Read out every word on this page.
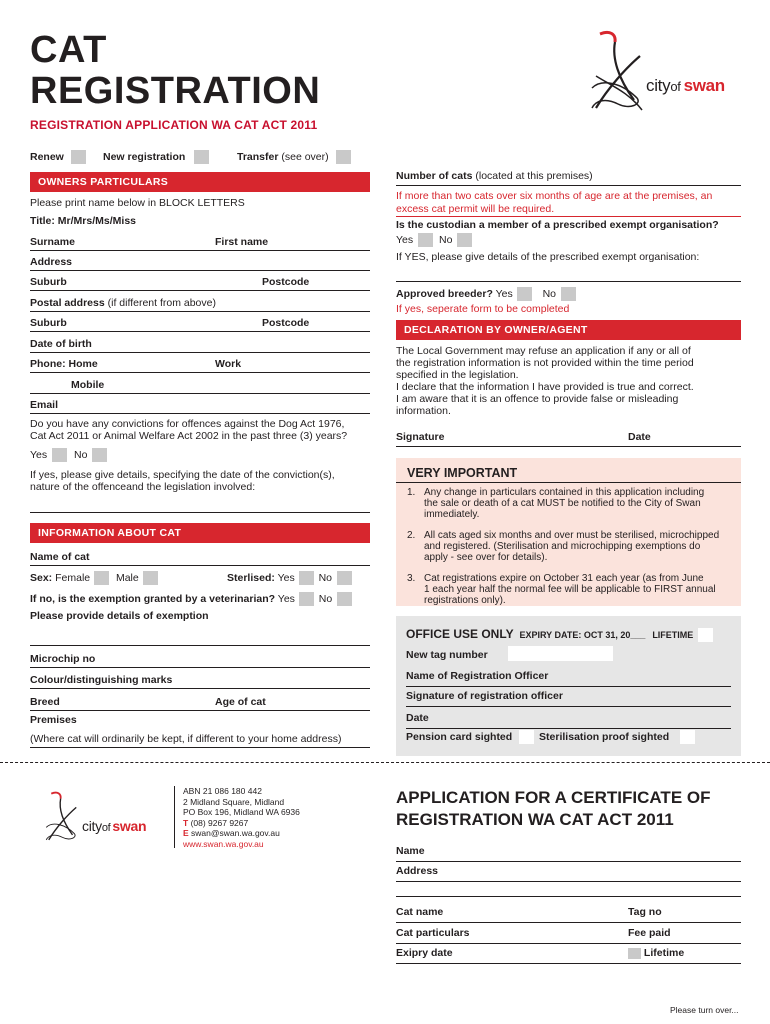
CAT
REGISTRATION
REGISTRATION APPLICATION WA CAT ACT 2011
cityof swan
Renew	New registration	Transfer (see over)
OWNERS PARTICULARS
Please print name below in BLOCK LETTERS
Title: Mr/Mrs/Ms/Miss
Surname	First name
Address
Suburb	Postcode
Postal address (if different from above)
Suburb	Postcode
Date of birth
Phone: Home	Work
Mobile
Email
Do you have any convictions for offences against the Dog Act 1976,
Cat Act 2011 or Animal Welfare Act 2002 in the past three (3) years?
Yes	No
If yes, please give details, specifying the date of the conviction(s),
nature of the offenceand the legislation involved:
INFORMATION ABOUT CAT
Name of cat
Sex: Female Male	Sterlised: Yes No
If no, is the exemption granted by a veterinarian? Yes No
Please provide details of exemption
Microchip no
Colour/distinguishing marks
Breed	Age of cat
Premises
(Where cat will ordinarily be kept, if different to your home address)
Number of cats (located at this premises)
If more than two cats over six months of age are at the premises, an
excess cat permit will be required.
Is the custodian a member of a prescribed exempt organisation?
Yes No
If YES, please give details of the prescribed exempt organisation:
Approved breeder? Yes	No
If yes, seperate form to be completed
DECLARATION BY OWNER/AGENT
The Local Government may refuse an application if any or all of
the registration information is not provided within the time period
specified in the legislation.
I declare that the information I have provided is true and correct.
I am aware that it is an offence to provide false or misleading
information.
Signature	Date
VERY IMPORTANT
1. Any change in particulars contained in this application including
the sale or death of a cat MUST be notified to the City of Swan
immediately.
2. All cats aged six months and over must be sterilised, microchipped
and registered. (Sterilisation and microchipping exemptions do
apply - see over for details).
3. Cat registrations expire on October 31 each year (as from June
1 each year half the normal fee will be applicable to FIRST annual
registrations only).
OFFICE USE ONLY EXPIRY DATE: OCT 31, 20___ LIFETIME
New tag number
Name of Registration Officer
Signature of registration officer
Date
Pension card sighted	Sterilisation proof sighted
cityof swan
ABN 21 086 180 442
2 Midland Square, Midland
PO Box 196, Midland WA 6936
T (08) 9267 9267
E swan@swan.wa.gov.au
www.swan.wa.gov.au
APPLICATION FOR A CERTIFICATE OF
REGISTRATION WA CAT ACT 2011
Name
Address
Cat name	Tag no
Cat particulars	Fee paid
Exipry date	Lifetime
Please turn over...
